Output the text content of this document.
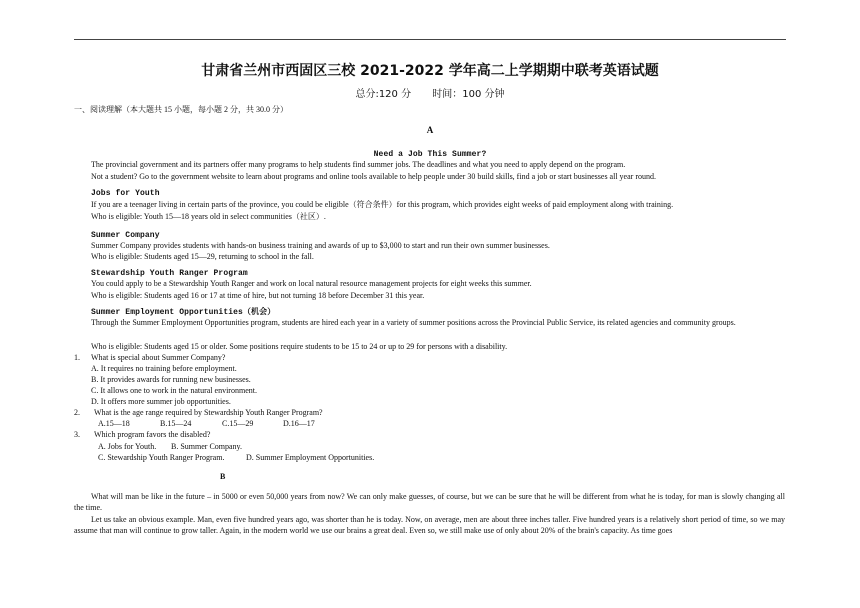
甘肃省兰州市西固区三校 2021-2022 学年高二上学期期中联考英语试题
总分:120 分 时间：100 分钟
一、阅读理解（本大题共 15 小题，每小题 2 分，共 30.0 分）
A
Need a Job This Summer?
The provincial government and its partners offer many programs to help students find summer jobs. The deadlines and what you need to apply depend on the program.
Not a student? Go to the government website to learn about programs and online tools available to help people under 30 build skills, find a job or start businesses all year round.
Jobs for Youth
If you are a teenager living in certain parts of the province, you could be eligible（符合条件）for this program, which provides eight weeks of paid employment along with training.
Who is eligible: Youth 15—18 years old in select communities（社区）.
Summer Company
Summer Company provides students with hands-on business training and awards of up to $3,000 to start and run their own summer businesses.
Who is eligible: Students aged 15—29, returning to school in the fall.
Stewardship Youth Ranger Program
You could apply to be a Stewardship Youth Ranger and work on local natural resource management projects for eight weeks this summer.
Who is eligible: Students aged 16 or 17 at time of hire, but not turning 18 before December 31 this year.
Summer Employment Opportunities（机会）
Through the Summer Employment Opportunities program, students are hired each year in a variety of summer positions across the Provincial Public Service, its related agencies and community groups.
Who is eligible: Students aged 15 or older. Some positions require students to be 15 to 24 or up to 29 for persons with a disability.
1. What is special about Summer Company?
A. It requires no training before employment.
B. It provides awards for running new businesses.
C. It allows one to work in the natural environment.
D. It offers more summer job opportunities.
2. What is the age range required by Stewardship Youth Ranger Program?
A.15—18	B.15—24	C.15—29	D.16—17
3. Which program favors the disabled?
A. Jobs for Youth. B. Summer Company.
C. Stewardship Youth Ranger Program.	D. Summer Employment Opportunities.
B
What will man be like in the future – in 5000 or even 50,000 years from now? We can only make guesses, of course, but we can be sure that he will be different from what he is today, for man is slowly changing all the time.
Let us take an obvious example. Man, even five hundred years ago, was shorter than he is today. Now, on average, men are about three inches taller. Five hundred years is a relatively short period of time, so we may assume that man will continue to grow taller. Again, in the modern world we use our brains a great deal. Even so, we still make use of only about 20% of the brain's capacity. As time goes
